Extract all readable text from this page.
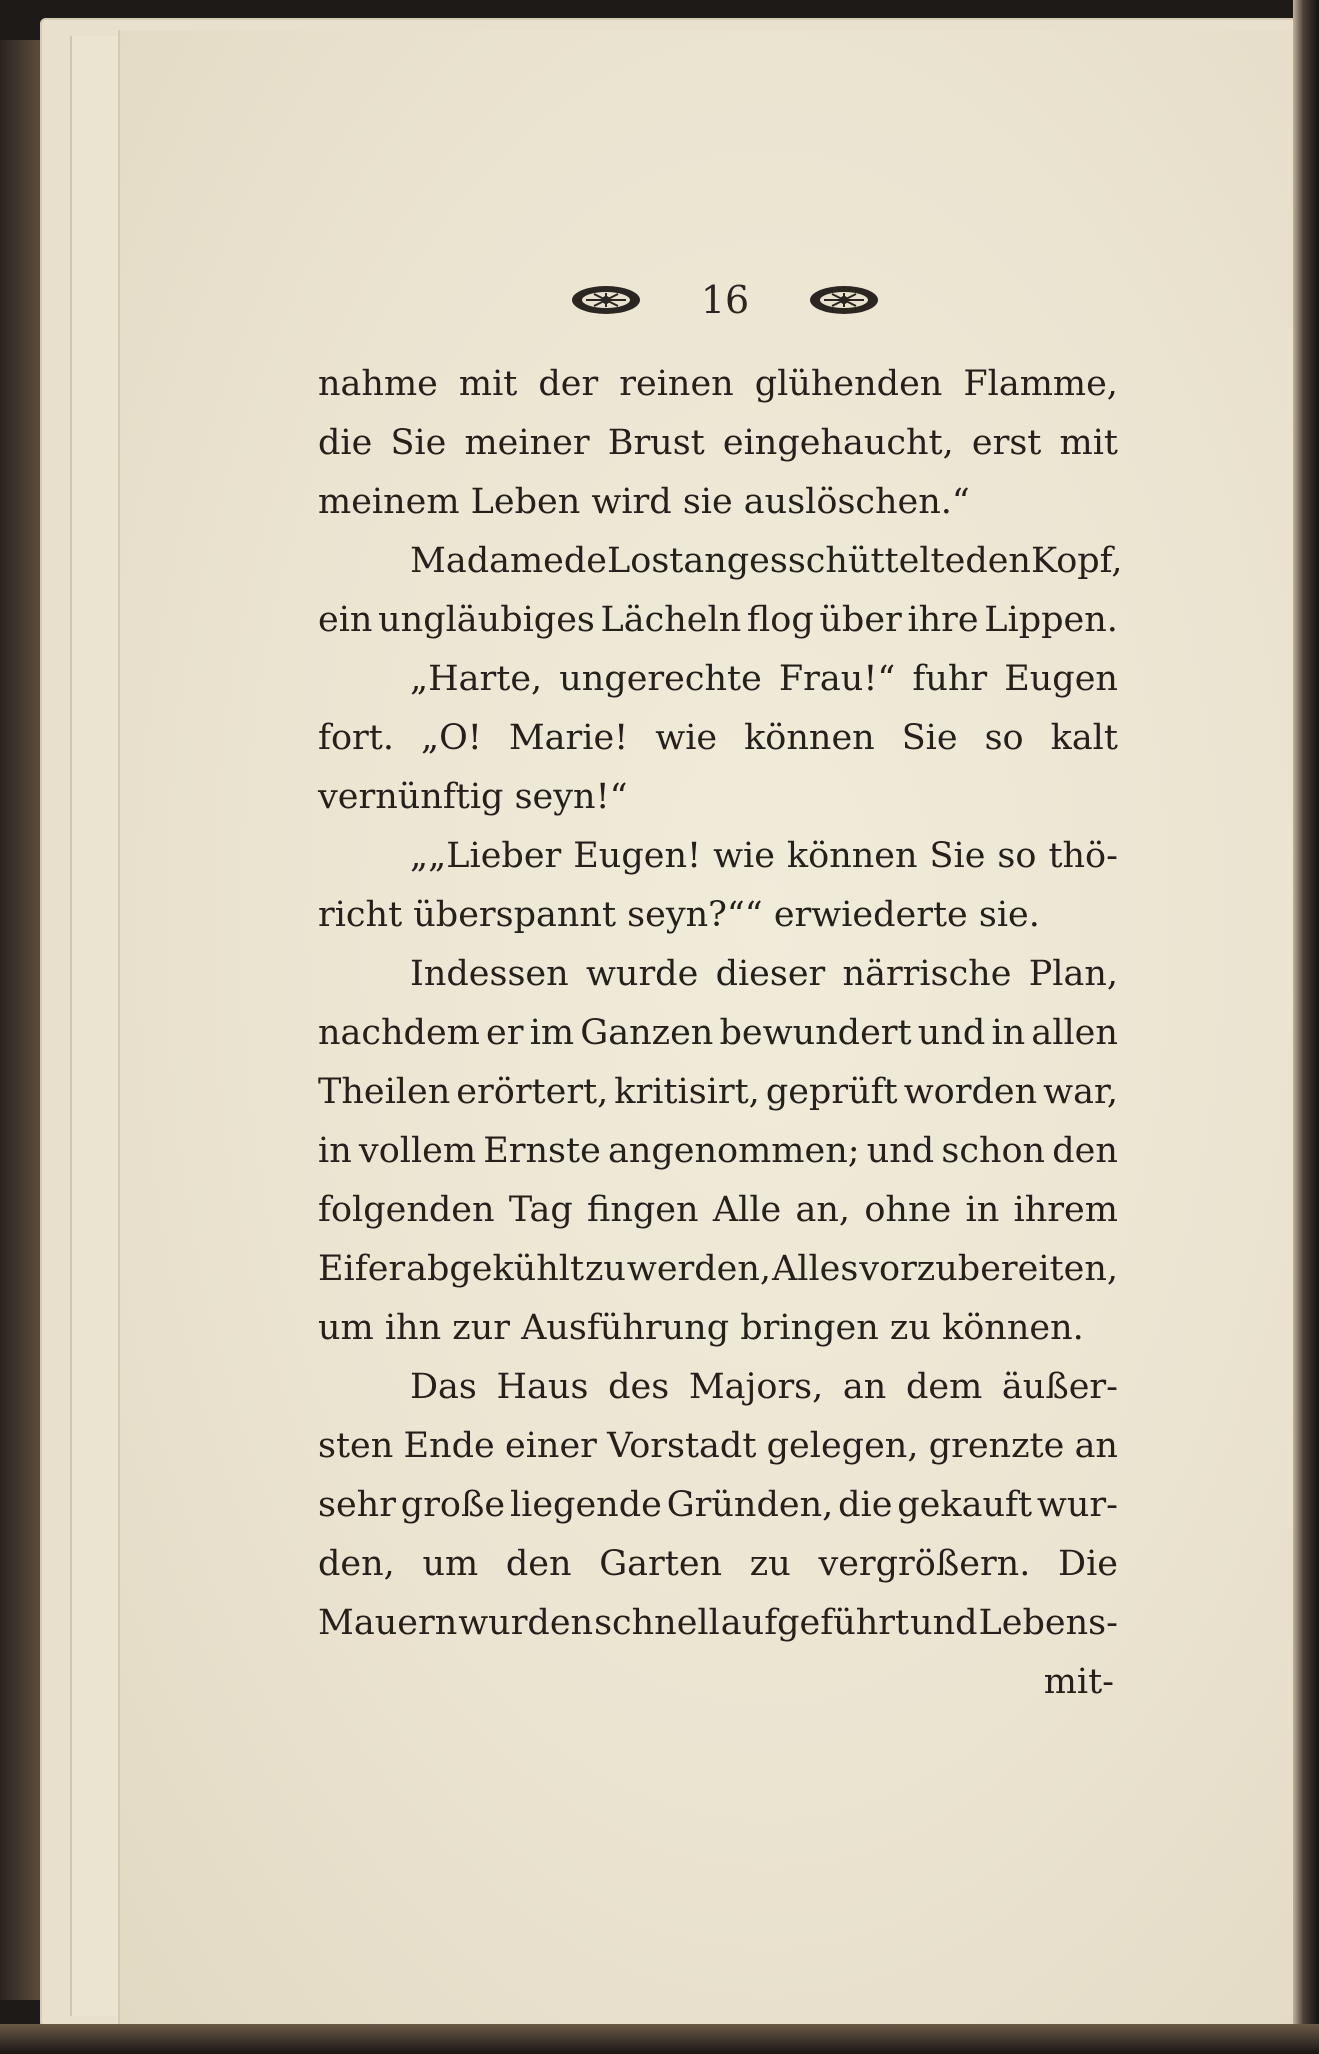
16
nahme mit der reinen glühenden Flamme,
die Sie meiner Brust eingehaucht, erst mit
meinem Leben wird sie auslöschen.“
Madame de Lostanges schüttelte den Kopf,
ein ungläubiges Lächeln flog über ihre Lippen.
„Harte, ungerechte Frau!“ fuhr Eugen
fort. „O! Marie! wie können Sie so kalt
vernünftig seyn!“
„„Lieber Eugen! wie können Sie so thö-
richt überspannt seyn?““ erwiederte sie.
Indessen wurde dieser närrische Plan,
nachdem er im Ganzen bewundert und in allen
Theilen erörtert, kritisirt, geprüft worden war,
in vollem Ernste angenommen; und schon den
folgenden Tag fingen Alle an, ohne in ihrem
Eifer abgekühlt zu werden, Alles vorzubereiten,
um ihn zur Ausführung bringen zu können.
Das Haus des Majors, an dem äußer-
sten Ende einer Vorstadt gelegen, grenzte an
sehr große liegende Gründen, die gekauft wur-
den, um den Garten zu vergrößern. Die
Mauern wurden schnell aufgeführt und Lebens-
mit-
